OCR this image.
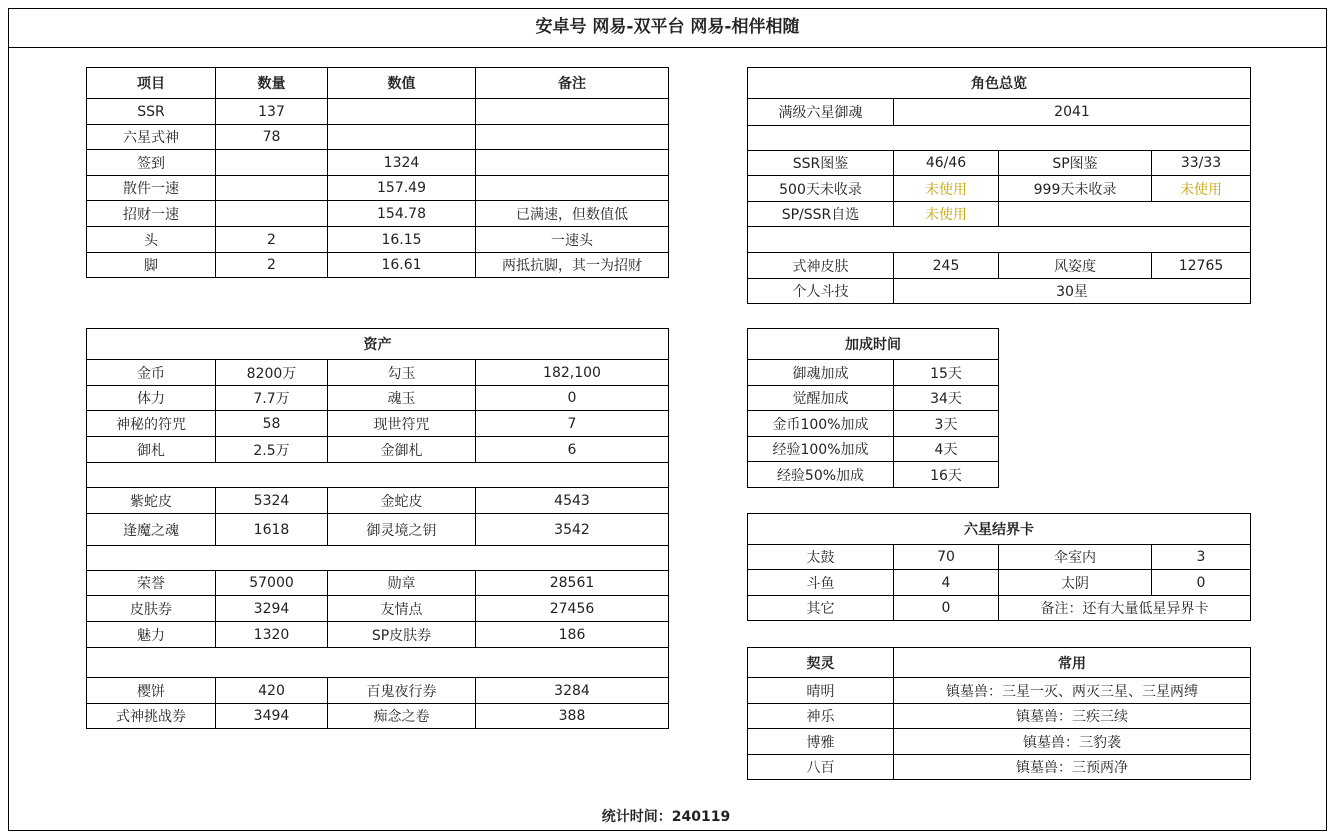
安卓号 网易-双平台 网易-相伴相随
统计时间：240119
项目	数量	数值	备注
SSR	137		
六星式神	78		
签到		1324	
散件一速		157.49	
招财一速		154.78	已满速，但数值低
头	2	16.15	一速头
脚	2	16.61	两抵抗脚，其一为招财
资产			
金币	8200万	勾玉	182,100
体力	7.7万	魂玉	0
神秘的符咒	58	现世符咒	7
御札	2.5万	金御札	6

紫蛇皮	5324	金蛇皮	4543
逢魔之魂	1618	御灵境之钥	3542

荣誉	57000	勋章	28561
皮肤券	3294	友情点	27456
魅力	1320	SP皮肤券	186

樱饼	420	百鬼夜行券	3284
式神挑战券	3494	痴念之卷	388
角色总览			
满级六星御魂	2041		

SSR图鉴	46/46	SP图鉴	33/33
500天未收录	未使用	999天未收录	未使用
SP/SSR自选	未使用		

式神皮肤	245	风姿度	12765
个人斗技	30星		
加成时间	
御魂加成	15天
觉醒加成	34天
金币100%加成	3天
经验100%加成	4天
经验50%加成	16天
六星结界卡			
太鼓	70	伞室内	3
斗鱼	4	太阴	0
其它	0	备注：还有大量低星异界卡	
契灵	常用
晴明	镇墓兽：三星一灭、两灭三星、三星两缚
神乐	镇墓兽：三疾三续
博雅	镇墓兽：三豹袭
八百	镇墓兽：三预两净
